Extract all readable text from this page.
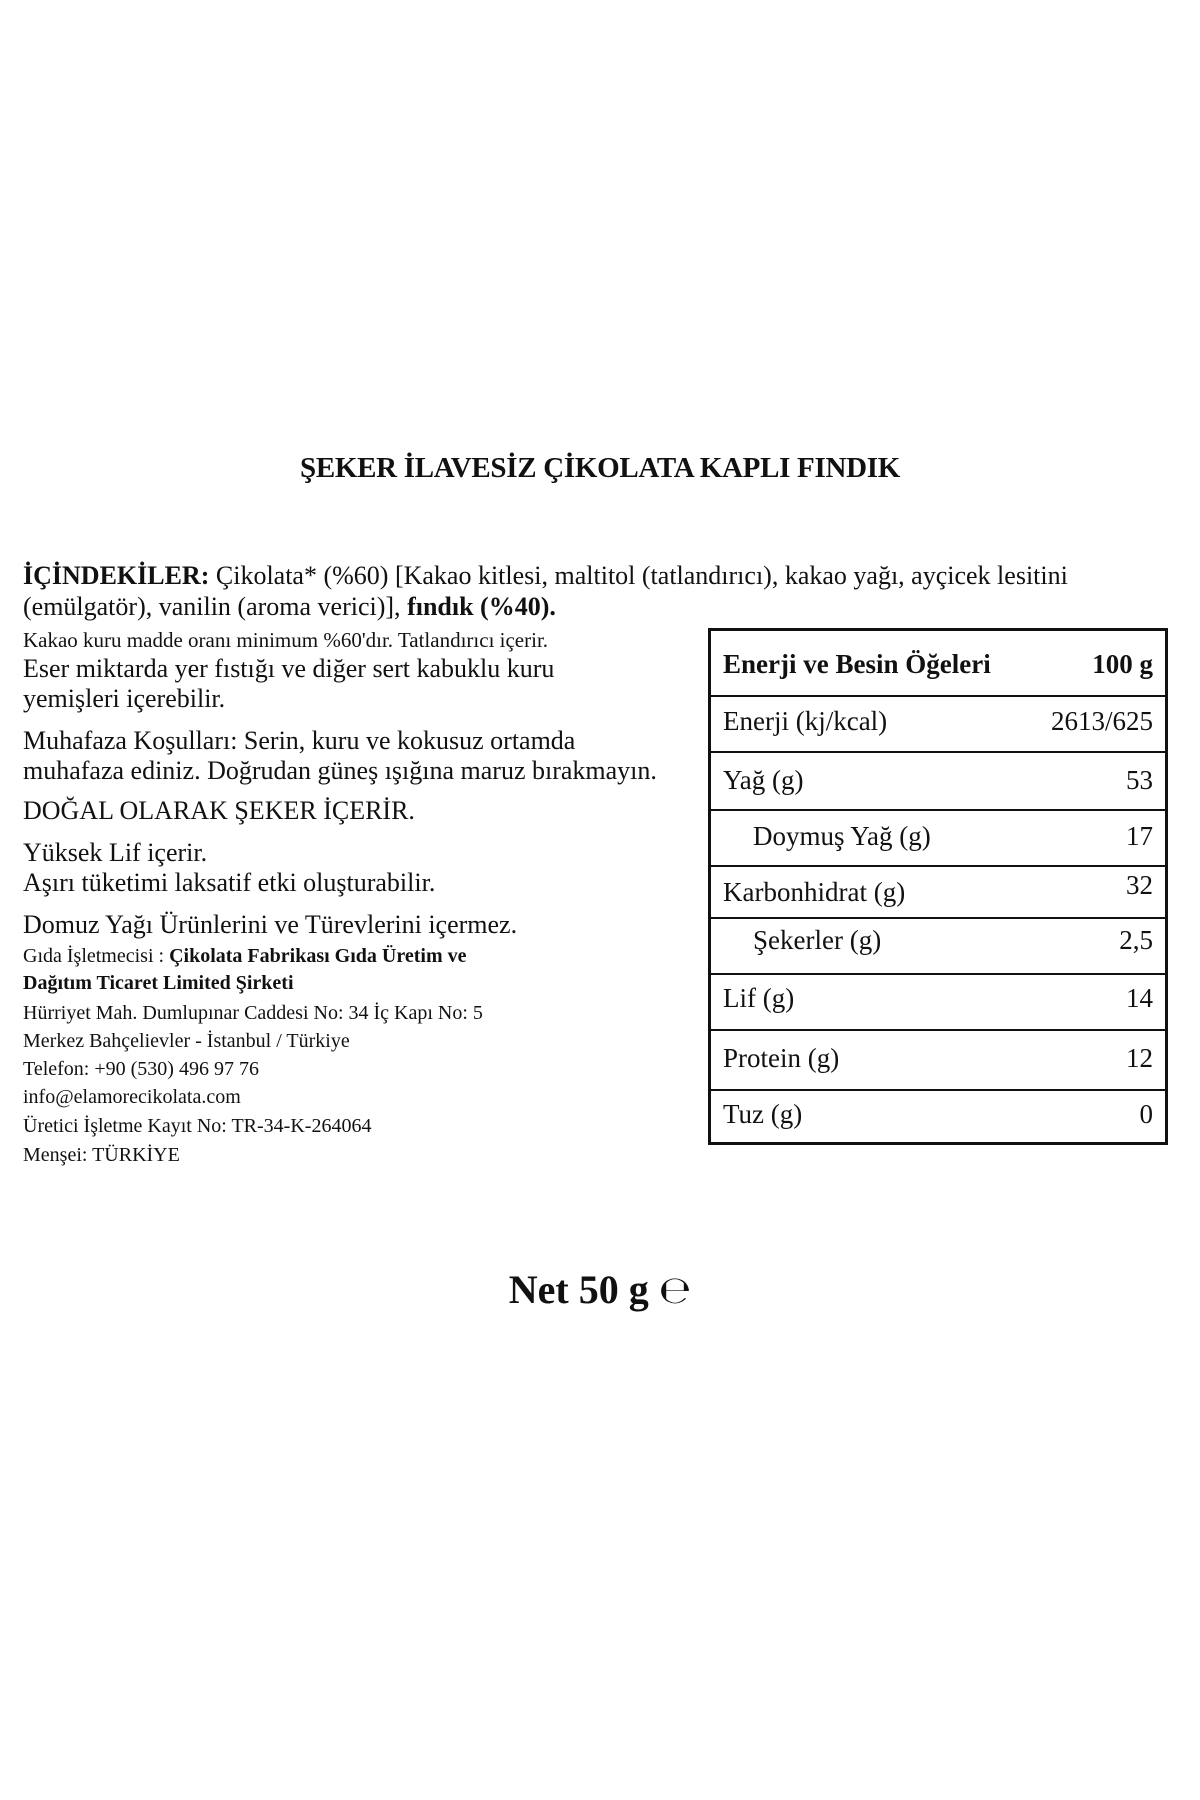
ŞEKER İLAVESİZ ÇİKOLATA KAPLI FINDIK
İÇİNDEKİLER: Çikolata* (%60) [Kakao kitlesi, maltitol (tatlandırıcı), kakao yağı, ayçicek lesitini (emülgatör), vanilin (aroma verici)], fındık (%40).
Kakao kuru madde oranı minimum %60'dır. Tatlandırıcı içerir.
Eser miktarda yer fıstığı ve diğer sert kabuklu kuru
yemişleri içerebilir.
Muhafaza Koşulları: Serin, kuru ve kokusuz ortamda
muhafaza ediniz. Doğrudan güneş ışığına maruz bırakmayın.
DOĞAL OLARAK ŞEKER İÇERİR.
Yüksek Lif içerir.
Aşırı tüketimi laksatif etki oluşturabilir.
Domuz Yağı Ürünlerini ve Türevlerini içermez.
Gıda İşletmecisi : Çikolata Fabrikası Gıda Üretim ve
Dağıtım Ticaret Limited Şirketi
Hürriyet Mah. Dumlupınar Caddesi No: 34 İç Kapı No: 5
Merkez Bahçelievler - İstanbul / Türkiye
Telefon: +90 (530) 496 97 76
info@elamorecikolata.com
Üretici İşletme Kayıt No: TR-34-K-264064
Menşei: TÜRKİYE
Enerji ve Besin Öğeleri	100 g
Enerji (kj/kcal)	2613/625
Yağ (g)	53
Doymuş Yağ (g)	17
Karbonhidrat (g)	32
Şekerler (g)	2,5
Lif (g)	14
Protein (g)	12
Tuz (g)	0
Net 50 g ℮
